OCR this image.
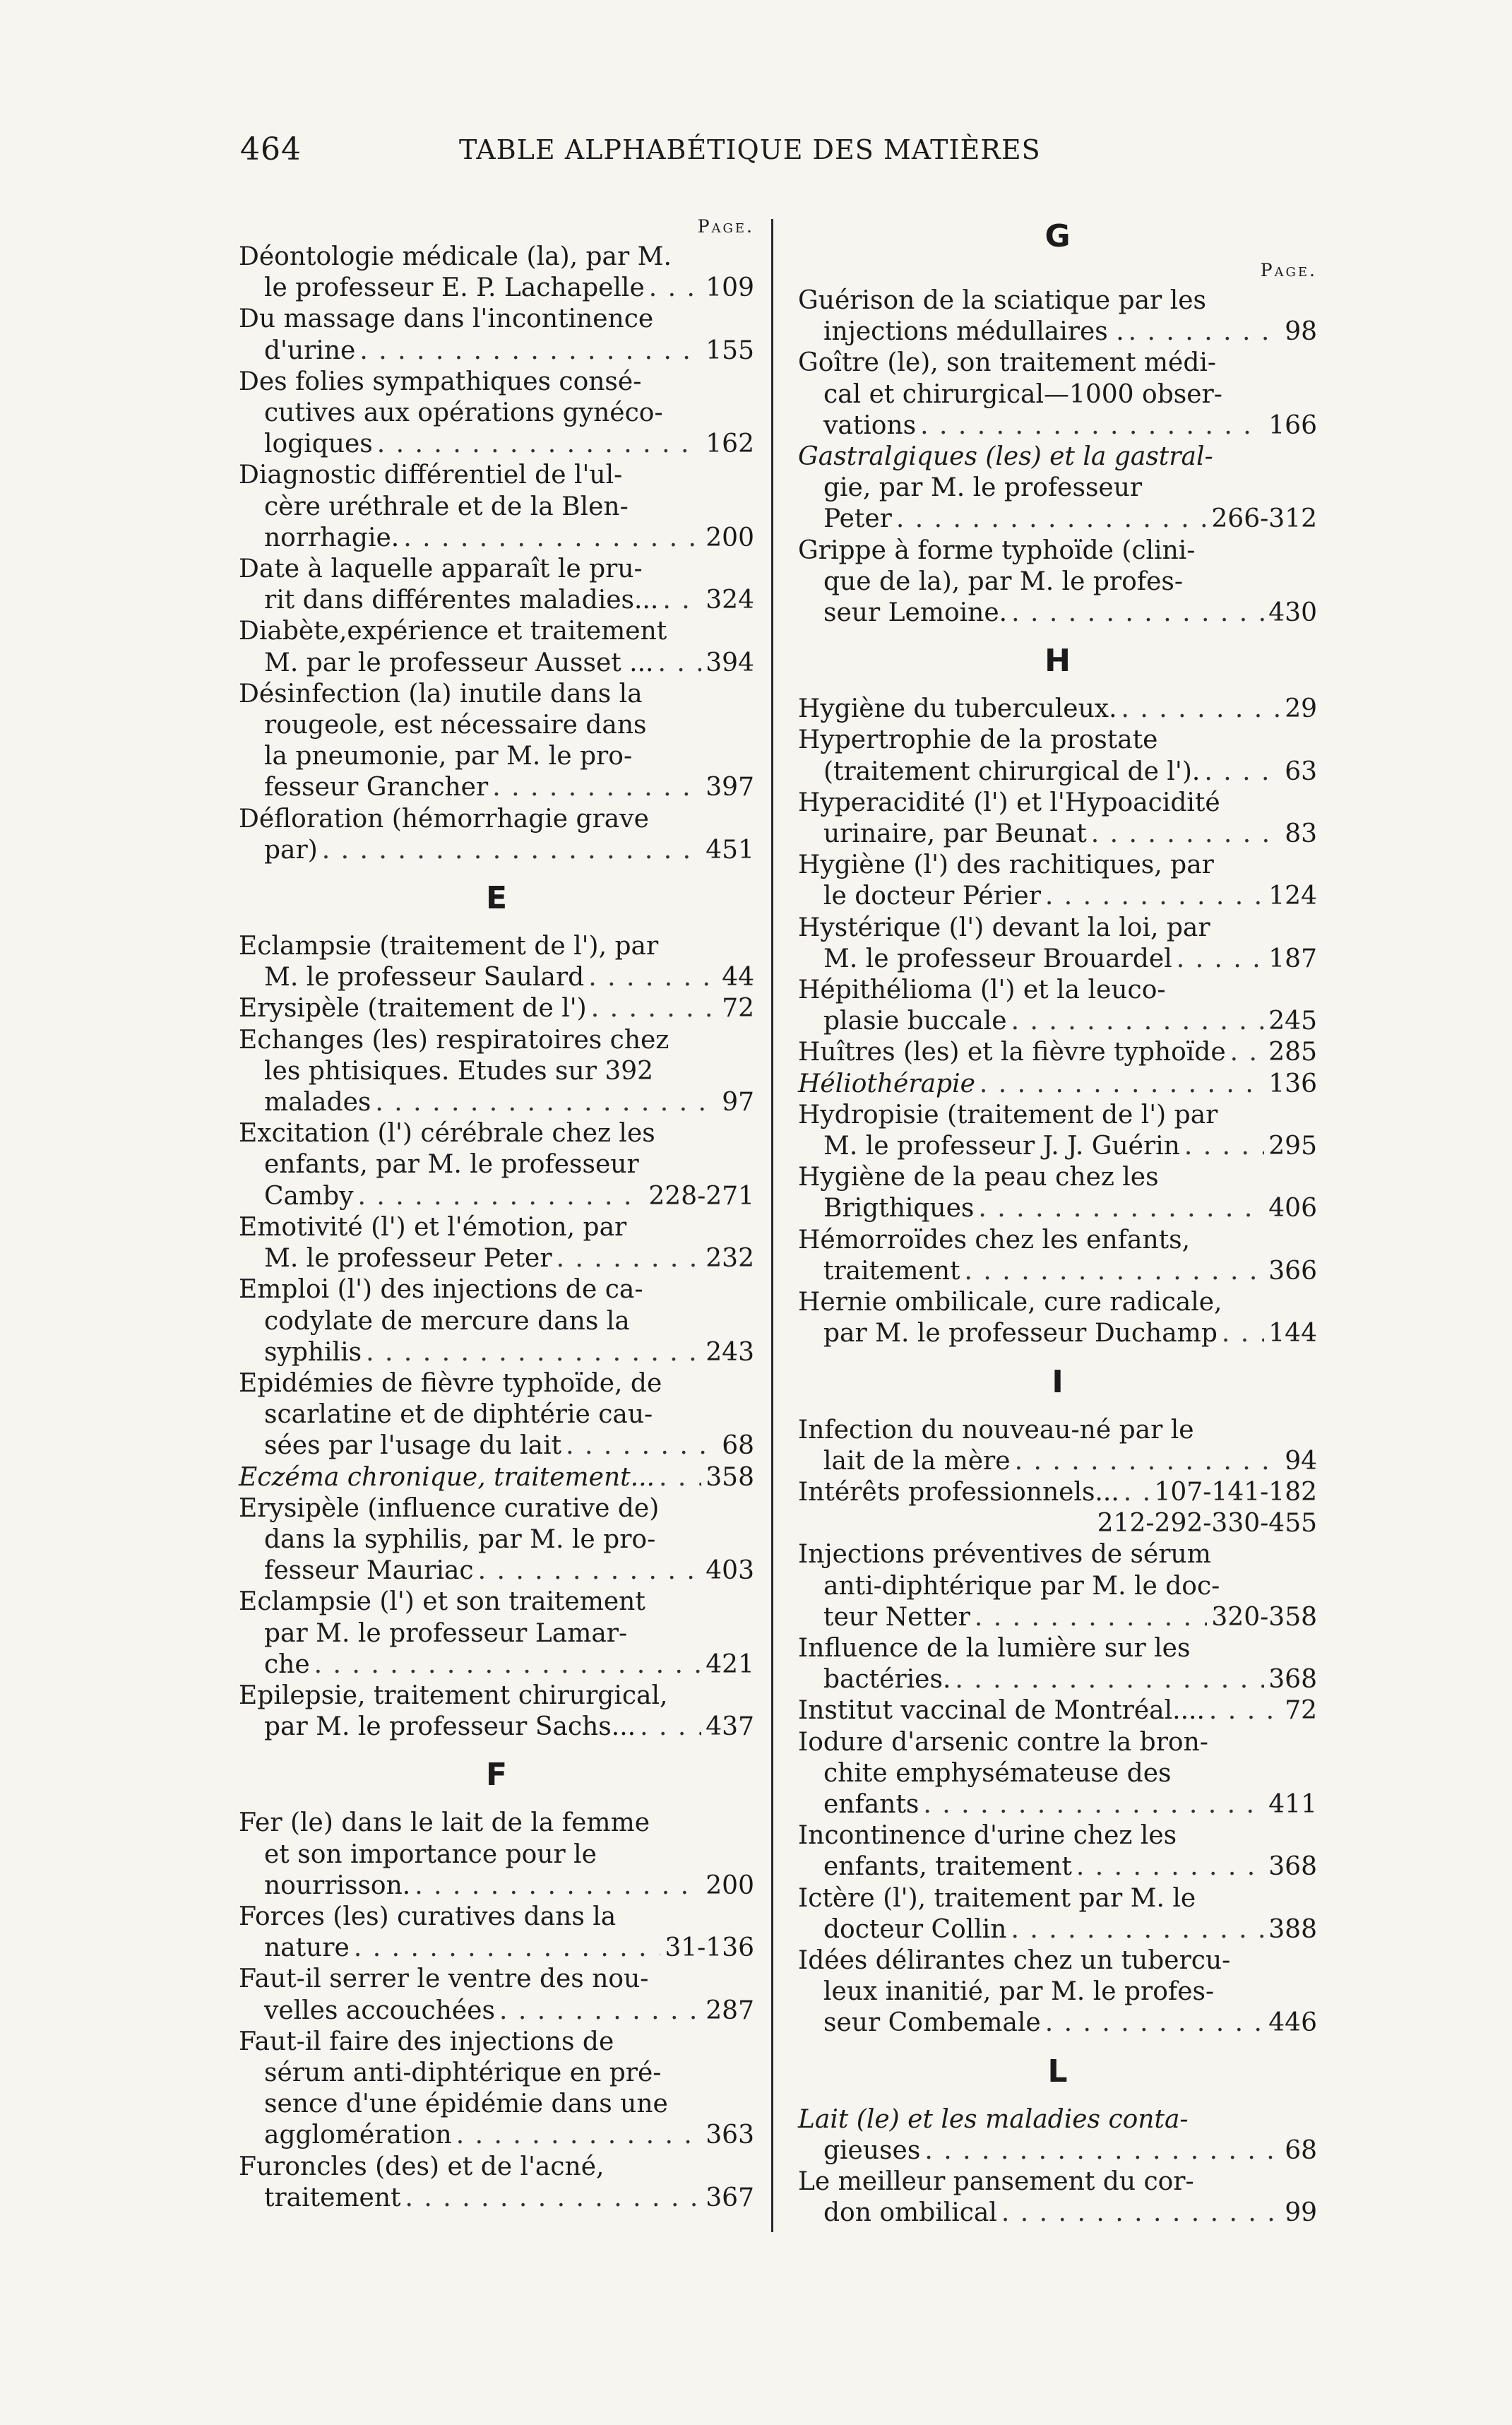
464	TABLE ALPHABÉTIQUE DES MATIÈRES
Page.
Déontologie médicale (la), par M.
le professeur E. P. Lachapelle . . . 109
Du massage dans l'incontinence
d'urine . . .	155
Des folies sympathiques consé-
cutives aux opérations gynéco-
logiques . . .	162
Diagnostic différentiel de l'ul-
cère uréthrale et de la Blen-
norrhagie. . . .	200
Date à laquelle apparaît le pru-
rit dans différentes maladies... . . . 324
Diabète,expérience et traitement
M. par le professeur Ausset ... . . . 394
Désinfection (la) inutile dans la
rougeole, est nécessaire dans
la pneumonie, par M. le pro-
fesseur Grancher . . .	397
Défloration (hémorrhagie grave
par) . . .	451
E
Eclampsie (traitement de l'), par
M. le professeur Saulard . . .	44
Erysipèle (traitement de l') . . .	72
Echanges (les) respiratoires chez
les phtisiques. Etudes sur 392
malades . . .	97
Excitation (l') cérébrale chez les
enfants, par M. le professeur
Camby . . .	228-271
Emotivité (l') et l'émotion, par
M. le professeur Peter . . .	232
Emploi (l') des injections de ca-
codylate de mercure dans la
syphilis . . .	243
Epidémies de fièvre typhoïde, de
scarlatine et de diphtérie cau-
sées par l'usage du lait . . .	68
Eczéma chronique, traitement... . . . 358
Erysipèle (influence curative de)
dans la syphilis, par M. le pro-
fesseur Mauriac . . .	403
Eclampsie (l') et son traitement
par M. le professeur Lamar-
che . . .	421
Epilepsie, traitement chirurgical,
par M. le professeur Sachs... . . .	437
F
Fer (le) dans le lait de la femme
et son importance pour le
nourrisson. . . .	200
Forces (les) curatives dans la
nature . . .	31-136
Faut-il serrer le ventre des nou-
velles accouchées . . .	287
Faut-il faire des injections de
sérum anti-diphtérique en pré-
sence d'une épidémie dans une
agglomération . . .	363
Furoncles (des) et de l'acné,
traitement . . .	367
G
Page.
Guérison de la sciatique par les
injections médullaires . . . .	98
Goître (le), son traitement médi-
cal et chirurgical—1000 obser-
vations . . .	166
Gastralgiques (les) et la gastral-
gie, par M. le professeur
Peter . . .	266-312
Grippe à forme typhoïde (clini-
que de la), par M. le profes-
seur Lemoine. . . .	430
H
Hygiène du tuberculeux. . . .	29
Hypertrophie de la prostate
(traitement chirurgical de l'). . . .	63
Hyperacidité (l') et l'Hypoacidité
urinaire, par Beunat . . .	83
Hygiène (l') des rachitiques, par
le docteur Périer . . .	124
Hystérique (l') devant la loi, par
M. le professeur Brouardel . . .	187
Hépithélioma (l') et la leuco-
plasie buccale . . .	245
Huîtres (les) et la fièvre typhoïde . . . 285
Héliothérapie . . .	136
Hydropisie (traitement de l') par
M. le professeur J. J. Guérin . . .	295
Hygiène de la peau chez les
Brigthiques . . .	406
Hémorroïdes chez les enfants,
traitement . . .	366
Hernie ombilicale, cure radicale,
par M. le professeur Duchamp . . . 144
I
Infection du nouveau-né par le
lait de la mère . . .	94
Intérêts professionnels... . . . 107-141-182
212-292-330-455
Injections préventives de sérum
anti-diphtérique par M. le doc-
teur Netter . . .	320-358
Influence de la lumière sur les
bactéries. . . .	368
Institut vaccinal de Montréal.... . . .	72
Iodure d'arsenic contre la bron-
chite emphysémateuse des
enfants . . .	411
Incontinence d'urine chez les
enfants, traitement . . .	368
Ictère (l'), traitement par M. le
docteur Collin . . .	388
Idées délirantes chez un tubercu-
leux inanitié, par M. le profes-
seur Combemale . . .	446
L
Lait (le) et les maladies conta-
gieuses . . .	68
Le meilleur pansement du cor-
don ombilical . . .	99
